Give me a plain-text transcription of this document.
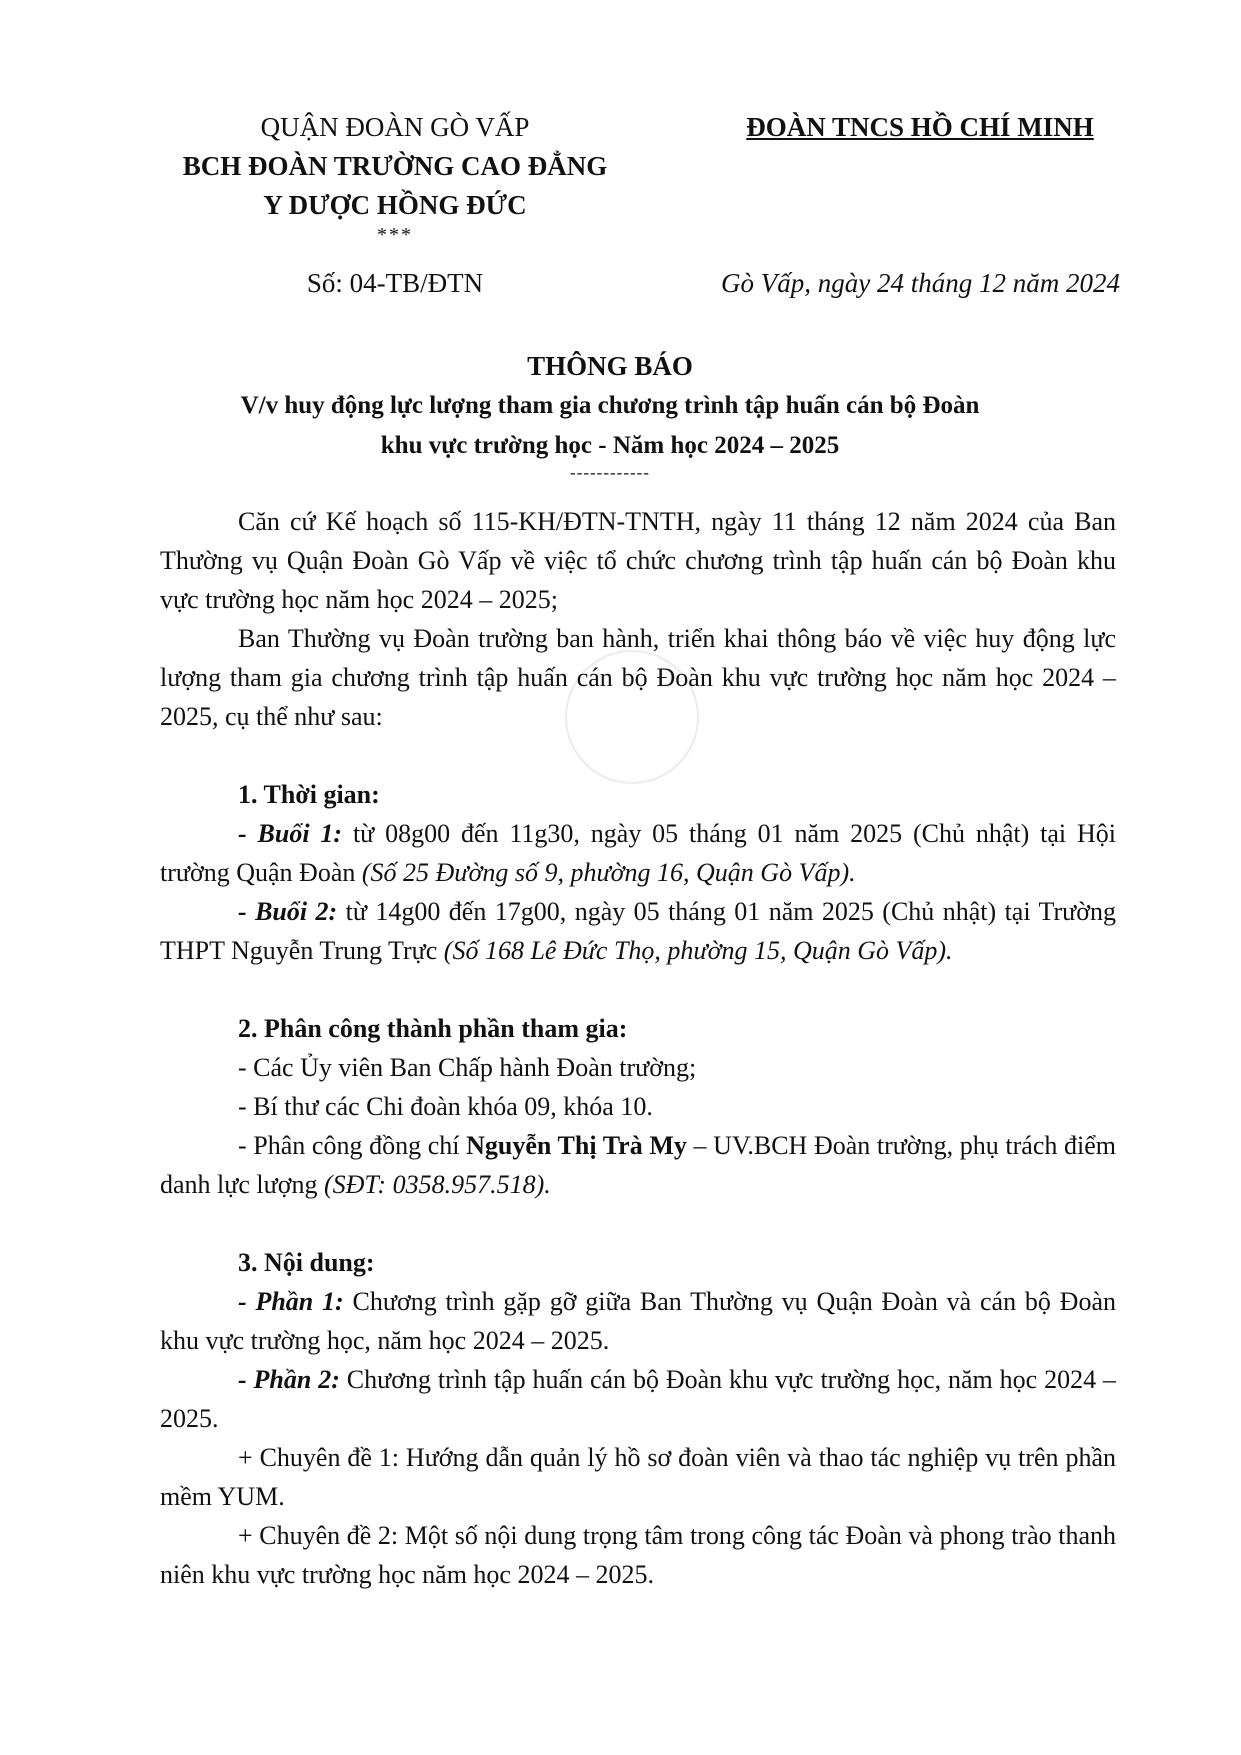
QUẬN ĐOÀN GÒ VẤP
BCH ĐOÀN TRƯỜNG CAO ĐẲNG
Y DƯỢC HỒNG ĐỨC
***
ĐOÀN TNCS HỒ CHÍ MINH
Số: 04-TB/ĐTN	Gò Vấp, ngày 24 tháng 12 năm 2024
THÔNG BÁO
V/v huy động lực lượng tham gia chương trình tập huấn cán bộ Đoàn
khu vực trường học - Năm học 2024 – 2025
------------

Căn cứ Kế hoạch số 115-KH/ĐTN-TNTH, ngày 11 tháng 12 năm 2024 của Ban Thường vụ Quận Đoàn Gò Vấp về việc tổ chức chương trình tập huấn cán bộ Đoàn khu vực trường học năm học 2024 – 2025;

Ban Thường vụ Đoàn trường ban hành, triển khai thông báo về việc huy động lực lượng tham gia chương trình tập huấn cán bộ Đoàn khu vực trường học năm học 2024 – 2025, cụ thể như sau:

1. Thời gian:

- Buổi 1: từ 08g00 đến 11g30, ngày 05 tháng 01 năm 2025 (Chủ nhật) tại Hội trường Quận Đoàn (Số 25 Đường số 9, phường 16, Quận Gò Vấp).

- Buổi 2: từ 14g00 đến 17g00, ngày 05 tháng 01 năm 2025 (Chủ nhật) tại Trường THPT Nguyễn Trung Trực (Số 168 Lê Đức Thọ, phường 15, Quận Gò Vấp).

2. Phân công thành phần tham gia:

- Các Ủy viên Ban Chấp hành Đoàn trường;

- Bí thư các Chi đoàn khóa 09, khóa 10.

- Phân công đồng chí Nguyễn Thị Trà My – UV.BCH Đoàn trường, phụ trách điểm danh lực lượng (SĐT: 0358.957.518).

3. Nội dung:

- Phần 1: Chương trình gặp gỡ giữa Ban Thường vụ Quận Đoàn và cán bộ Đoàn khu vực trường học, năm học 2024 – 2025.

- Phần 2: Chương trình tập huấn cán bộ Đoàn khu vực trường học, năm học 2024 – 2025.

+ Chuyên đề 1: Hướng dẫn quản lý hồ sơ đoàn viên và thao tác nghiệp vụ trên phần mềm YUM.

+ Chuyên đề 2: Một số nội dung trọng tâm trong công tác Đoàn và phong trào thanh niên khu vực trường học năm học 2024 – 2025.
